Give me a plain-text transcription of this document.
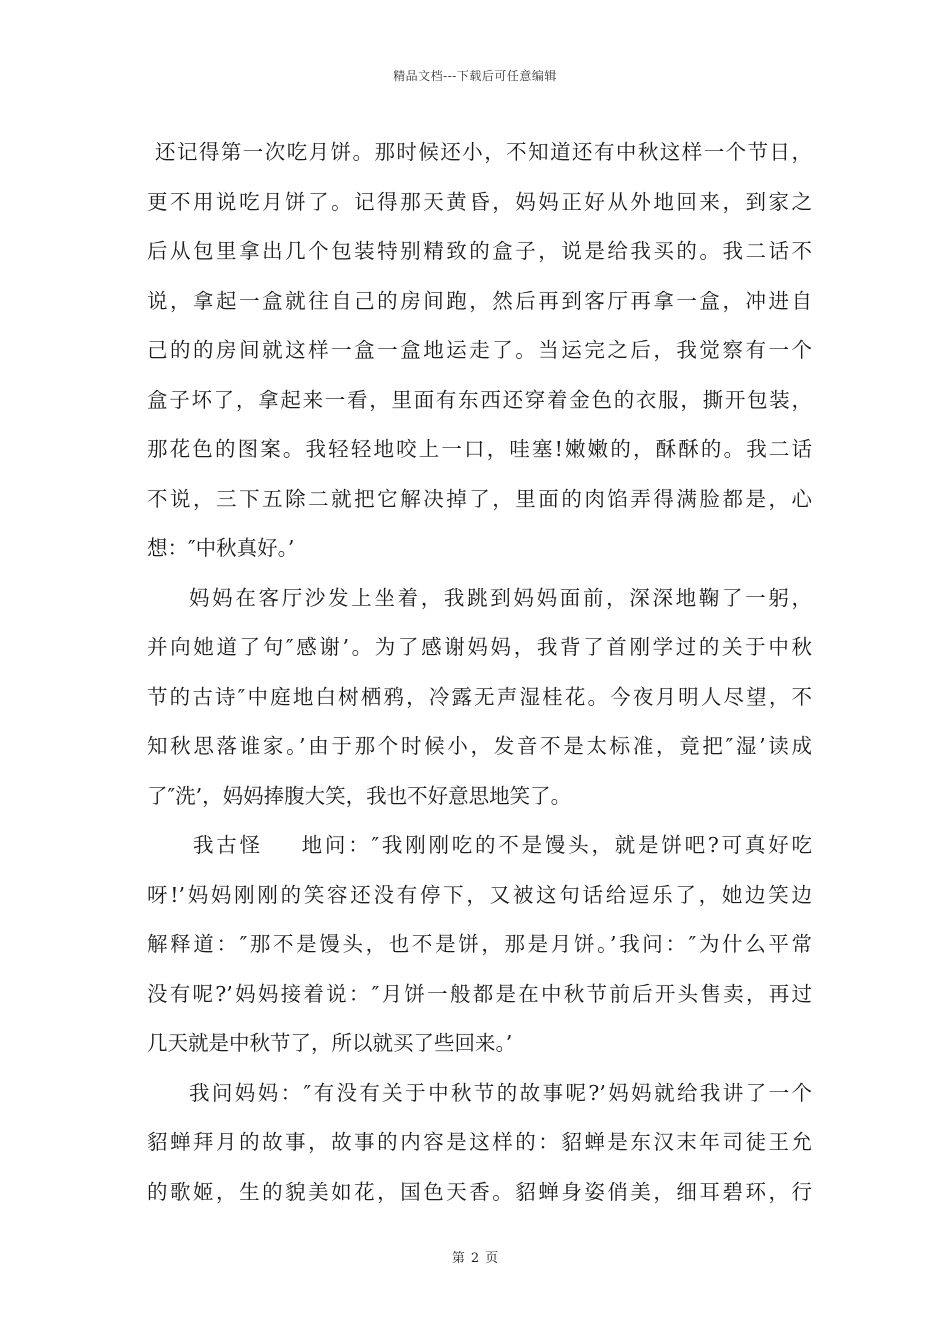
精品文档---下载后可任意编辑
还记得第一次吃月饼。那时候还小，不知道还有中秋这样一个节日，
更不用说吃月饼了。记得那天黄昏，妈妈正好从外地回来，到家之
后从包里拿出几个包装特别精致的盒子，说是给我买的。我二话不
说，拿起一盒就往自己的房间跑，然后再到客厅再拿一盒，冲进自
己的的房间就这样一盒一盒地运走了。当运完之后，我觉察有一个
盒子坏了，拿起来一看，里面有东西还穿着金色的衣服，撕开包装，
那花色的图案。我轻轻地咬上一口，哇塞!嫩嫩的，酥酥的。我二话
不说，三下五除二就把它解决掉了，里面的肉馅弄得满脸都是，心
想：″中秋真好。’
妈妈在客厅沙发上坐着，我跳到妈妈面前，深深地鞠了一躬，
并向她道了句″感谢’。为了感谢妈妈，我背了首刚学过的关于中秋
节的古诗″中庭地白树栖鸦，冷露无声湿桂花。今夜月明人尽望，不
知秋思落谁家。’由于那个时候小，发音不是太标准，竟把″湿’读成
了″洗’，妈妈捧腹大笑，我也不好意思地笑了。
我古怪 地问：″我刚刚吃的不是馒头，就是饼吧?可真好吃
呀!’妈妈刚刚的笑容还没有停下，又被这句话给逗乐了，她边笑边
解释道：″那不是馒头，也不是饼，那是月饼。’我问：″为什么平常
没有呢?’妈妈接着说：″月饼一般都是在中秋节前后开头售卖，再过
几天就是中秋节了，所以就买了些回来。’
我问妈妈：″有没有关于中秋节的故事呢?’妈妈就给我讲了一个
貂蝉拜月的故事，故事的内容是这样的：貂蝉是东汉末年司徒王允
的歌姬，生的貌美如花，国色天香。貂蝉身姿俏美，细耳碧环，行
第 2 页
